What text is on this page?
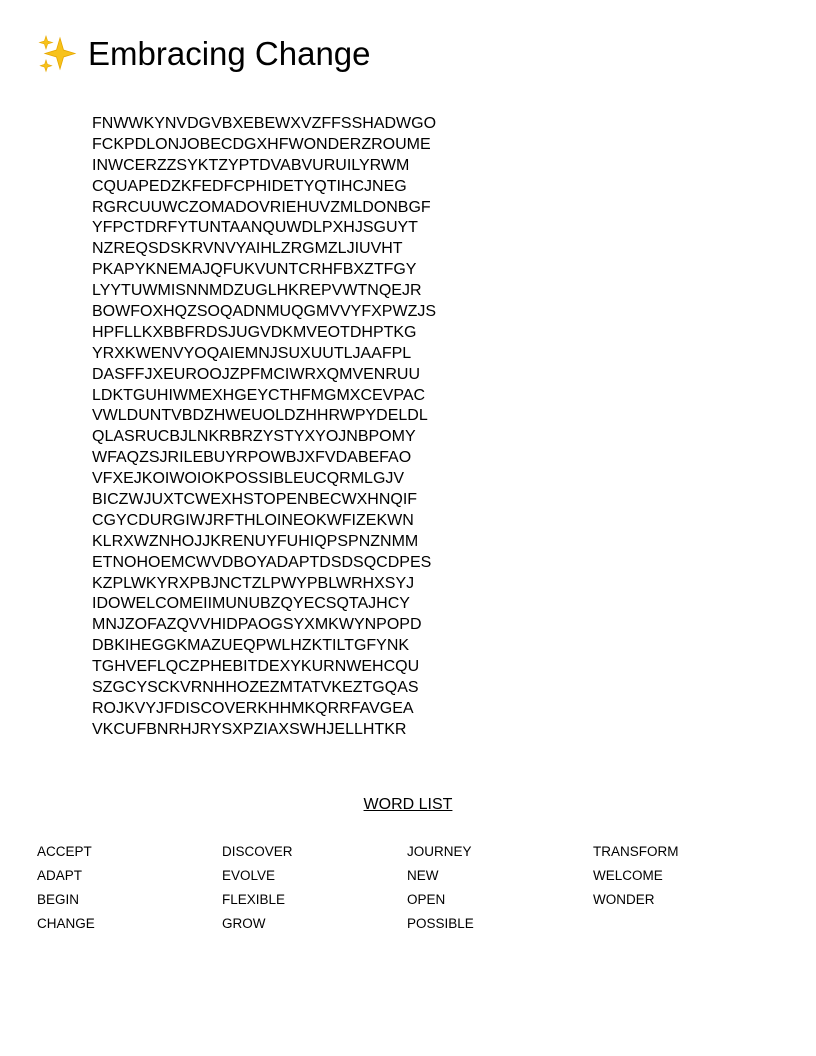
Embracing Change
FNWWKYNVDGVBXEBEWXVZFFSSHADWGO
FCKPDLONJOBECDGXHFWONDERZROUME
INWCERZZSYKTZYPTDVABVURUILYRWM
CQUAPEDZKFEDFCPHIDETYQTIHCJNEG
RGRCUUWCZOMADOVRIEHUVZMLDONBGF
YFPCTDRFYTUNTAANQUWDLPXHJSGUYT
NZREQSDSKRVNVYAIHLZRGMZLJIUVHT
PKAPYKNEMAJQFUKVUNTCRHFBXZTFGY
LYYTUWMISNNMDZUGLHKREPVWTNQEJR
BOWFOXHQZSOQADNMUQGMVVYFXPWZJS
HPFLLKXBBFRDSJUGVDKMVEOTDHPTKG
YRXKWENVYOQAIEMNJSUXUUTLJAAFPL
DASFFJXEUROOJZPFMCIWRXQMVENRUU
LDKTGUHIWMEXHGEYCTHFMGMXCEVPAC
VWLDUNTVBDZHWEUOLDZHHRWPYDELDL
QLASRUCBJLNKRBRZYSTYXYOJNBPOMY
WFAQZSJRILEBUYRPOWBJXFVDABEFAO
VFXEJKOIWOIOKPOSSIBLEUCQRMLGJV
BICZWJUXTCWEXHSTOPENBECWXHNQIF
CGYCDURGIWJRFTHLOINEOKWFIZEKWN
KLRXWZNHOJJKRENUYFUHIQPSPNZNMM
ETNOHOEMCWVDBOYADAPTDSDSQCDPES
KZPLWKYRXPBJNCTZLPWYPBLWRHXSYJ
IDOWELCOMEIIMUNUBZQYECSQTAJHCY
MNJZOFAZQVVHIDPAOGSYXMKWYNPOPD
DBKIHEGGKMAZUEQPWLHZKTILTGFYNK
TGHVEFLQCZPHEBITDEXYKURNWEHCQU
SZGCYSCKVRNHHOZEZMTATVKEZTGQAS
ROJKVYJFDISCOVERKHHMKQRRFAVGEA
VKCUFBNRHJRYSXPZIAXSWHJELLHTKR
WORD LIST
ACCEPT
ADAPT
BEGIN
CHANGE
DISCOVER
EVOLVE
FLEXIBLE
GROW
JOURNEY
NEW
OPEN
POSSIBLE
TRANSFORM
WELCOME
WONDER
